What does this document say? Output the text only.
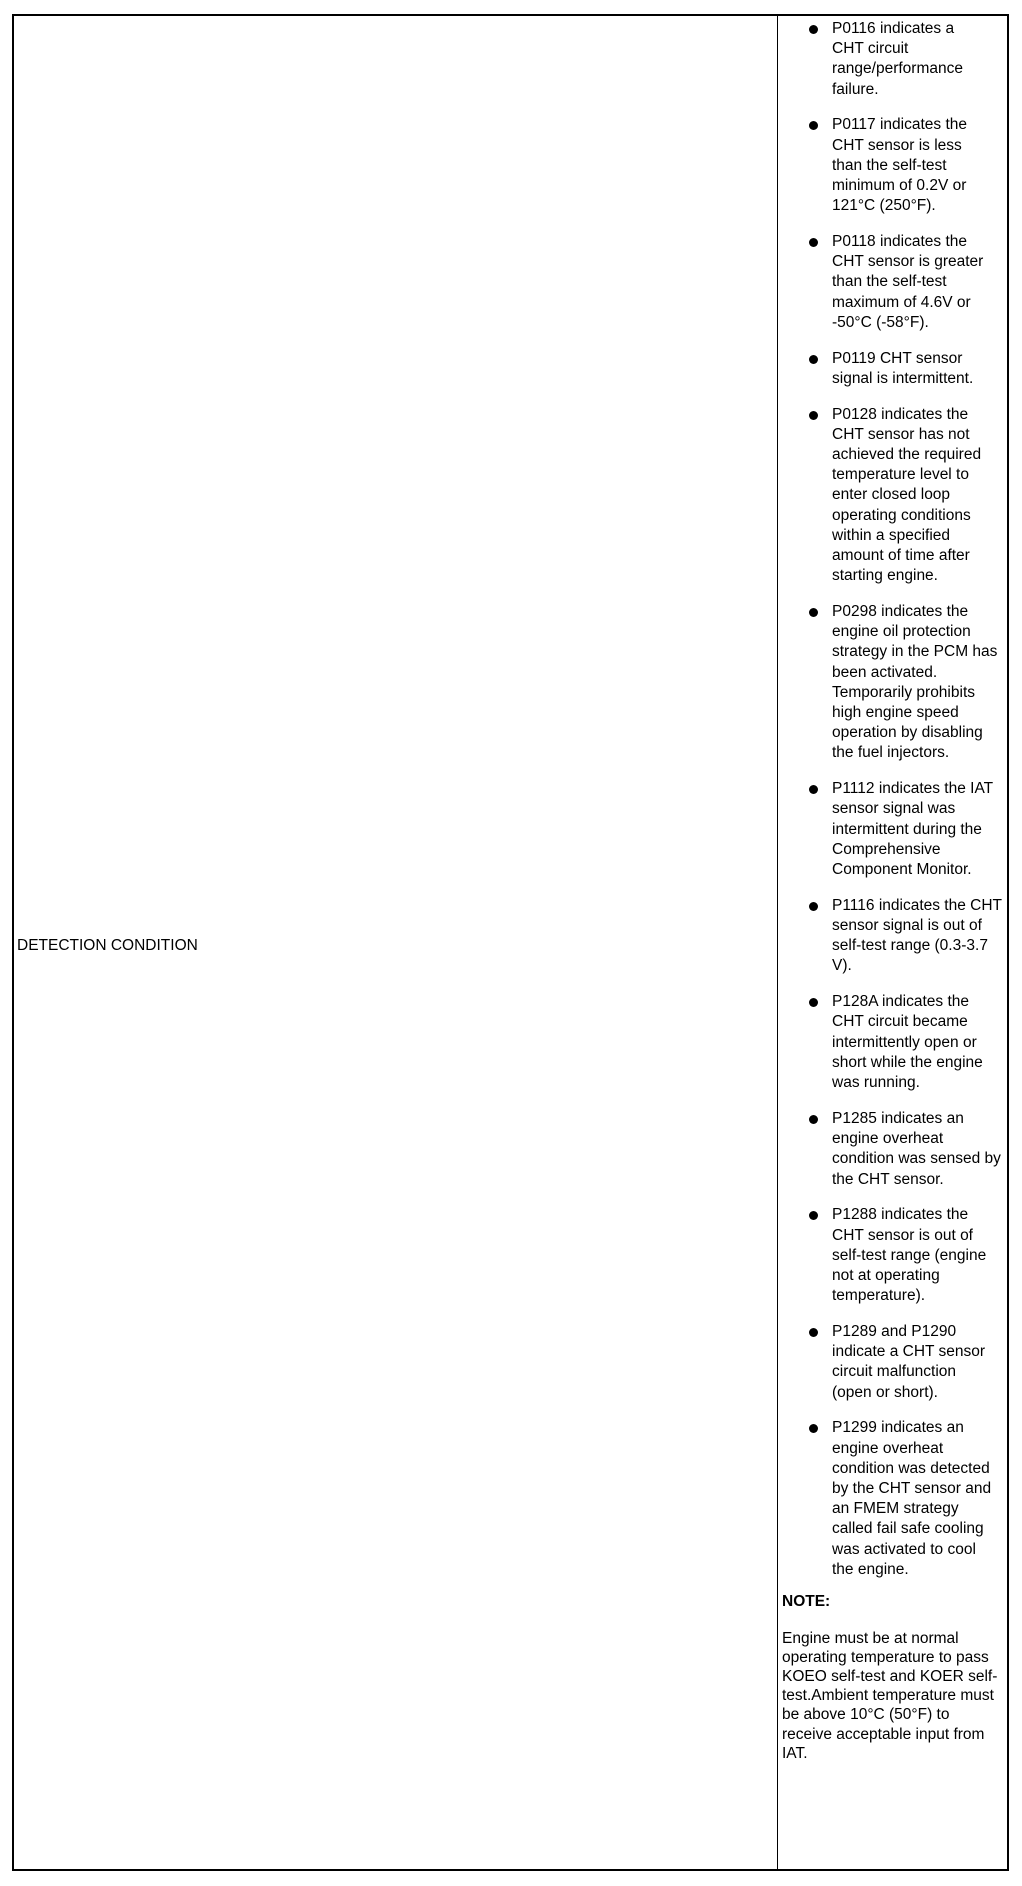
DETECTION CONDITION
P0116 indicates a CHT circuit range/performance failure.
P0117 indicates the CHT sensor is less than the self-test minimum of 0.2V or 121°C (250°F).
P0118 indicates the CHT sensor is greater than the self-test maximum of 4.6V or -50°C (-58°F).
P0119 CHT sensor signal is intermittent.
P0128 indicates the CHT sensor has not achieved the required temperature level to enter closed loop operating conditions within a specified amount of time after starting engine.
P0298 indicates the engine oil protection strategy in the PCM has been activated. Temporarily prohibits high engine speed operation by disabling the fuel injectors.
P1112 indicates the IAT sensor signal was intermittent during the Comprehensive Component Monitor.
P1116 indicates the CHT sensor signal is out of self-test range (0.3-3.7 V).
P128A indicates the CHT circuit became intermittently open or short while the engine was running.
P1285 indicates an engine overheat condition was sensed by the CHT sensor.
P1288 indicates the CHT sensor is out of self-test range (engine not at operating temperature).
P1289 and P1290 indicate a CHT sensor circuit malfunction (open or short).
P1299 indicates an engine overheat condition was detected by the CHT sensor and an FMEM strategy called fail safe cooling was activated to cool the engine.
NOTE:
Engine must be at normal operating temperature to pass KOEO self-test and KOER self-test.Ambient temperature must be above 10°C (50°F) to receive acceptable input from IAT.
